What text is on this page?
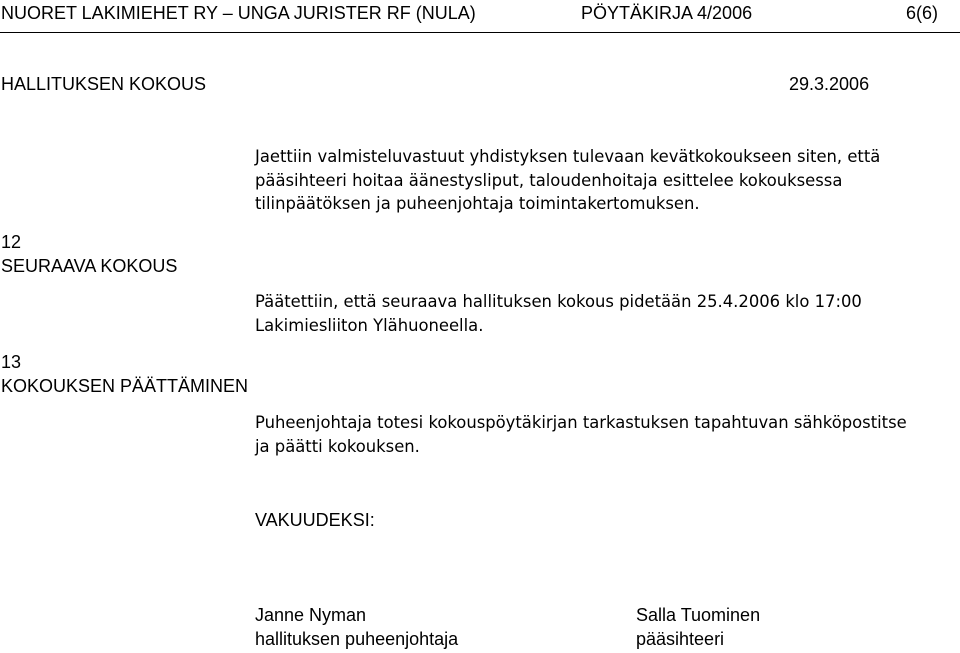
NUORET LAKIMIEHET RY – UNGA JURISTER RF (NULA)	PÖYTÄKIRJA 4/2006	6(6)
HALLITUKSEN KOKOUS	29.3.2006
12
SEURAAVA KOKOUS
13
KOKOUKSEN PÄÄTTÄMINEN
Jaettiin valmisteluvastuut yhdistyksen tulevaan kevätkokoukseen siten, että
pääsihteeri hoitaa äänestysliput, taloudenhoitaja esittelee kokouksessa
tilinpäätöksen ja puheenjohtaja toimintakertomuksen.
Päätettiin, että seuraava hallituksen kokous pidetään 25.4.2006 klo 17:00
Lakimiesliiton Ylähuoneella.
Puheenjohtaja totesi kokouspöytäkirjan tarkastuksen tapahtuvan sähköpostitse
ja päätti kokouksen.
VAKUUDEKSI:
Janne Nyman
hallituksen puheenjohtaja
Salla Tuominen
pääsihteeri
